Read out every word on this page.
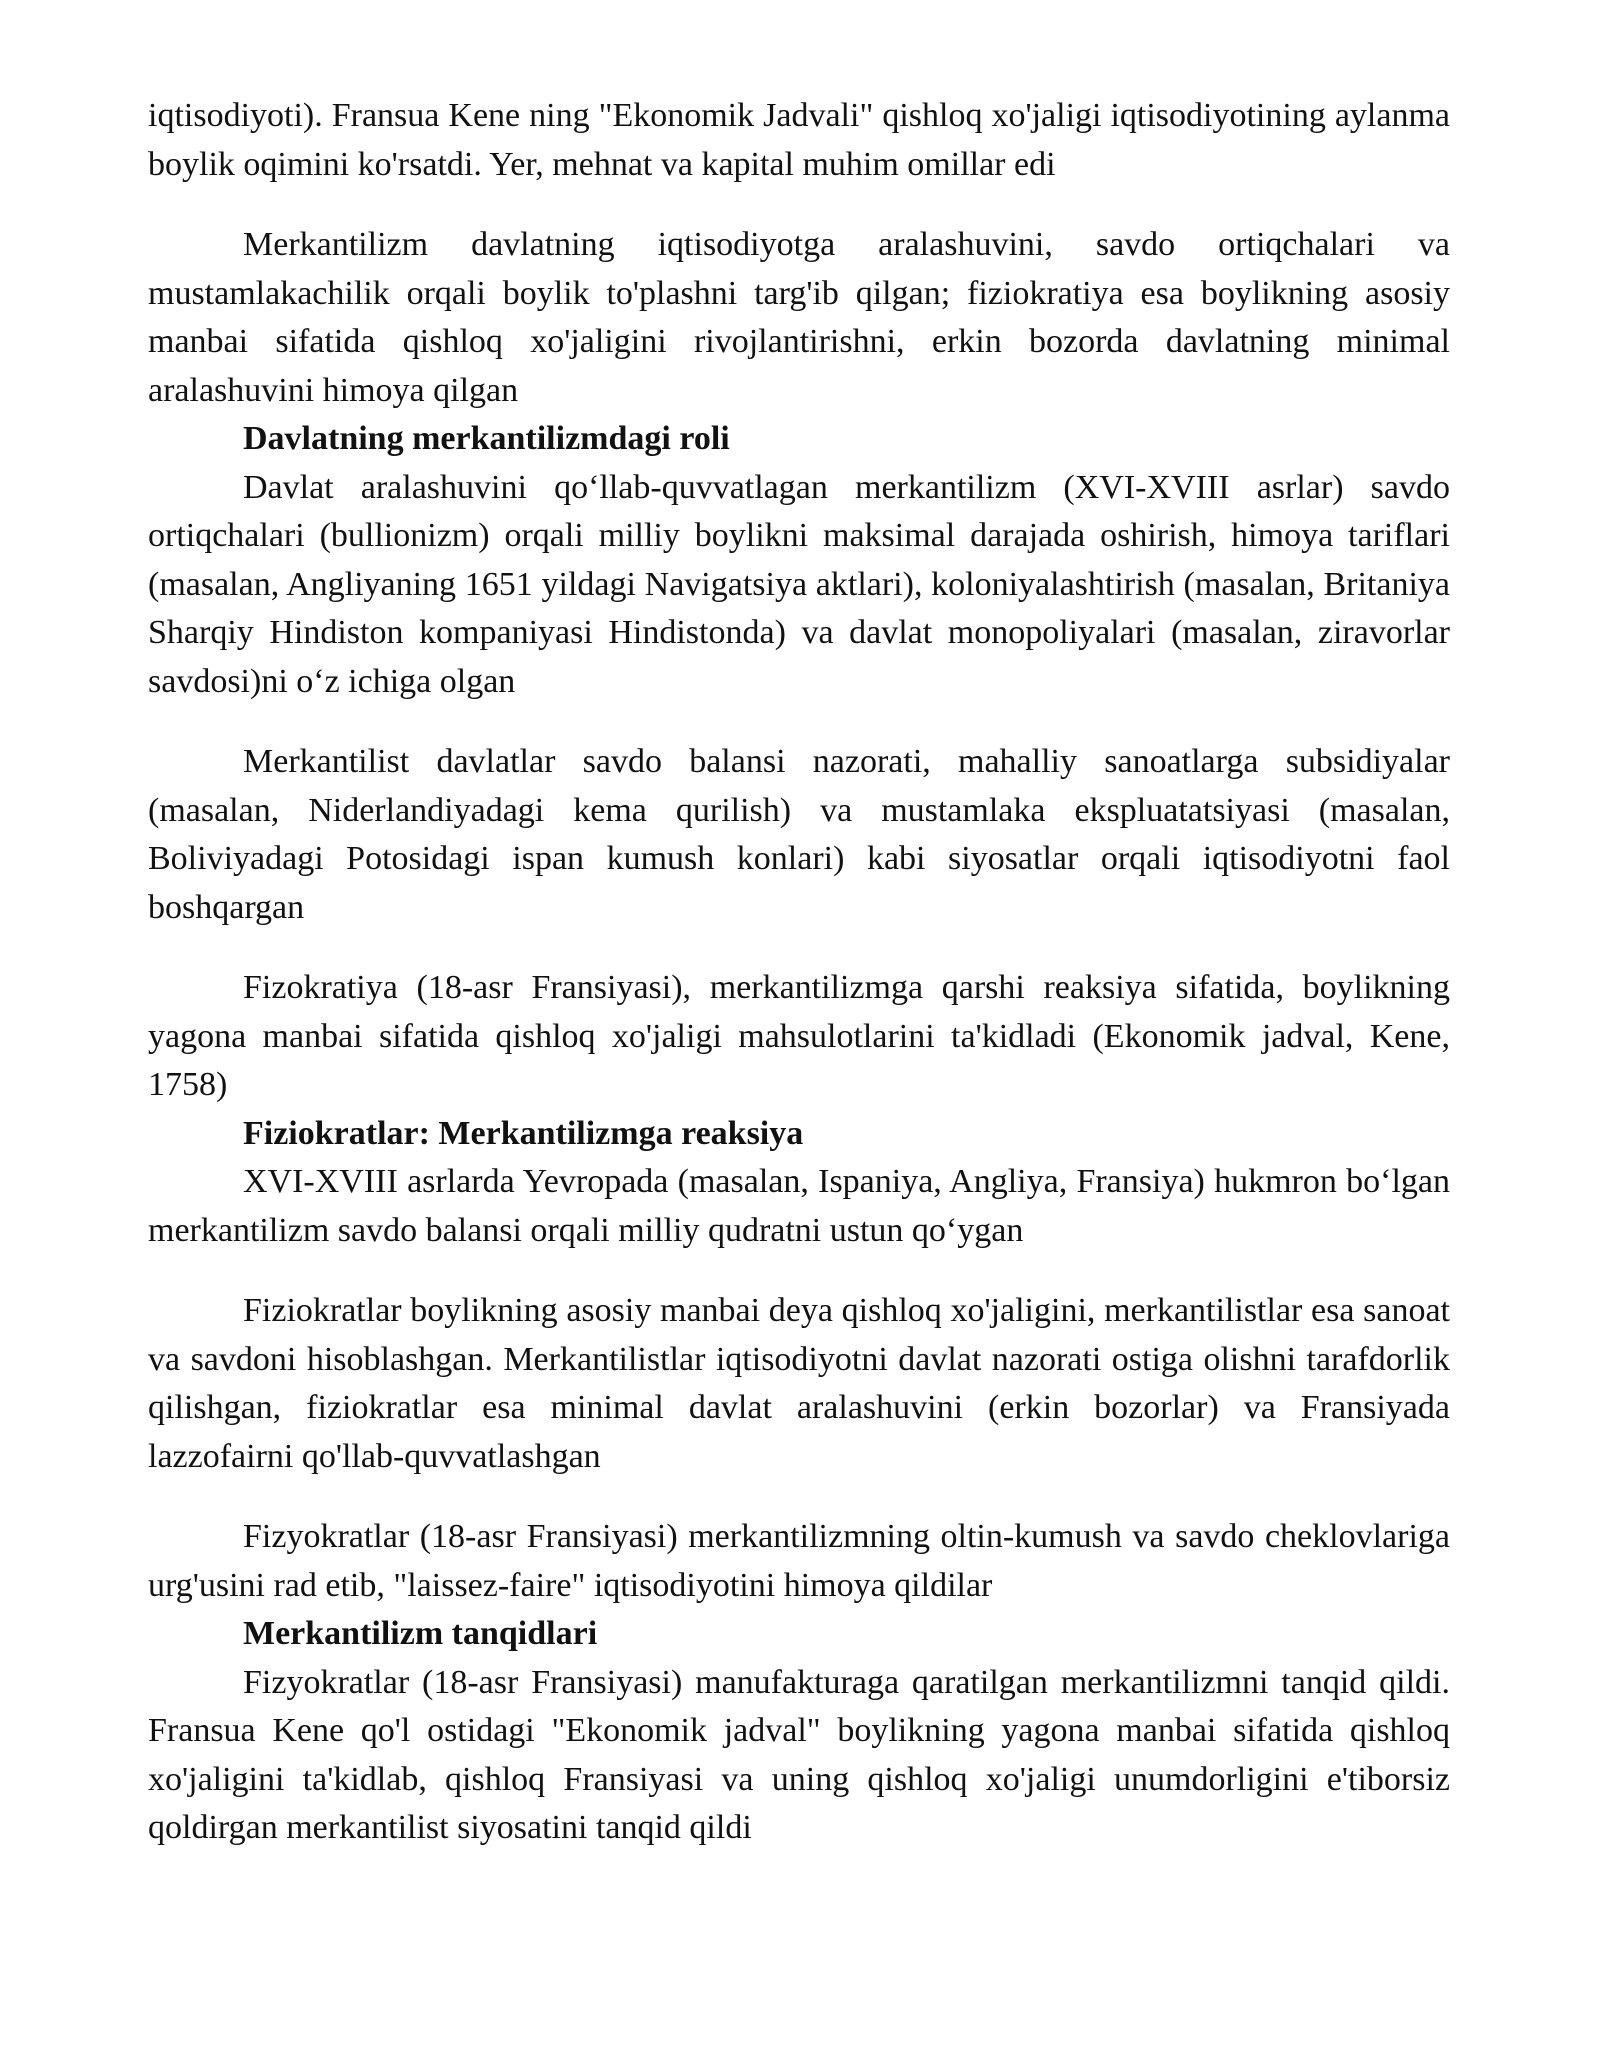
iqtisodiyoti). Fransua Kene ning "Ekonomik Jadvali" qishloq xo'jaligi iqtisodiyotining aylanma boylik oqimini ko'rsatdi. Yer, mehnat va kapital muhim omillar edi

Merkantilizm davlatning iqtisodiyotga aralashuvini, savdo ortiqchalari va mustamlakachilik orqali boylik to'plashni targ'ib qilgan; fiziokratiya esa boylikning asosiy manbai sifatida qishloq xo'jaligini rivojlantirishni, erkin bozorda davlatning minimal aralashuvini himoya qilgan

Davlatning merkantilizmdagi roli

Davlat aralashuvini qo‘llab-quvvatlagan merkantilizm (XVI-XVIII asrlar) savdo ortiqchalari (bullionizm) orqali milliy boylikni maksimal darajada oshirish, himoya tariflari (masalan, Angliyaning 1651 yildagi Navigatsiya aktlari), koloniyalashtirish (masalan, Britaniya Sharqiy Hindiston kompaniyasi Hindistonda) va davlat monopoliyalari (masalan, ziravorlar savdosi)ni o‘z ichiga olgan

Merkantilist davlatlar savdo balansi nazorati, mahalliy sanoatlarga subsidiyalar (masalan, Niderlandiyadagi kema qurilish) va mustamlaka ekspluatatsiyasi (masalan, Boliviyadagi Potosidagi ispan kumush konlari) kabi siyosatlar orqali iqtisodiyotni faol boshqargan

Fizokratiya (18-asr Fransiyasi), merkantilizmga qarshi reaksiya sifatida, boylikning yagona manbai sifatida qishloq xo'jaligi mahsulotlarini ta'kidladi (Ekonomik jadval, Kene, 1758)

Fiziokratlar: Merkantilizmga reaksiya

XVI-XVIII asrlarda Yevropada (masalan, Ispaniya, Angliya, Fransiya) hukmron bo‘lgan merkantilizm savdo balansi orqali milliy qudratni ustun qo‘ygan

Fiziokratlar boylikning asosiy manbai deya qishloq xo'jaligini, merkantilistlar esa sanoat va savdoni hisoblashgan. Merkantilistlar iqtisodiyotni davlat nazorati ostiga olishni tarafdorlik qilishgan, fiziokratlar esa minimal davlat aralashuvini (erkin bozorlar) va Fransiyada lazzofairni qo'llab-quvvatlashgan

Fizyokratlar (18-asr Fransiyasi) merkantilizmning oltin-kumush va savdo cheklovlariga urg'usini rad etib, "laissez-faire" iqtisodiyotini himoya qildilar

Merkantilizm tanqidlari

Fizyokratlar (18-asr Fransiyasi) manufakturaga qaratilgan merkantilizmni tanqid qildi. Fransua Kene qo'l ostidagi "Ekonomik jadval" boylikning yagona manbai sifatida qishloq xo'jaligini ta'kidlab, qishloq Fransiyasi va uning qishloq xo'jaligi unumdorligini e'tiborsiz qoldirgan merkantilist siyosatini tanqid qildi
